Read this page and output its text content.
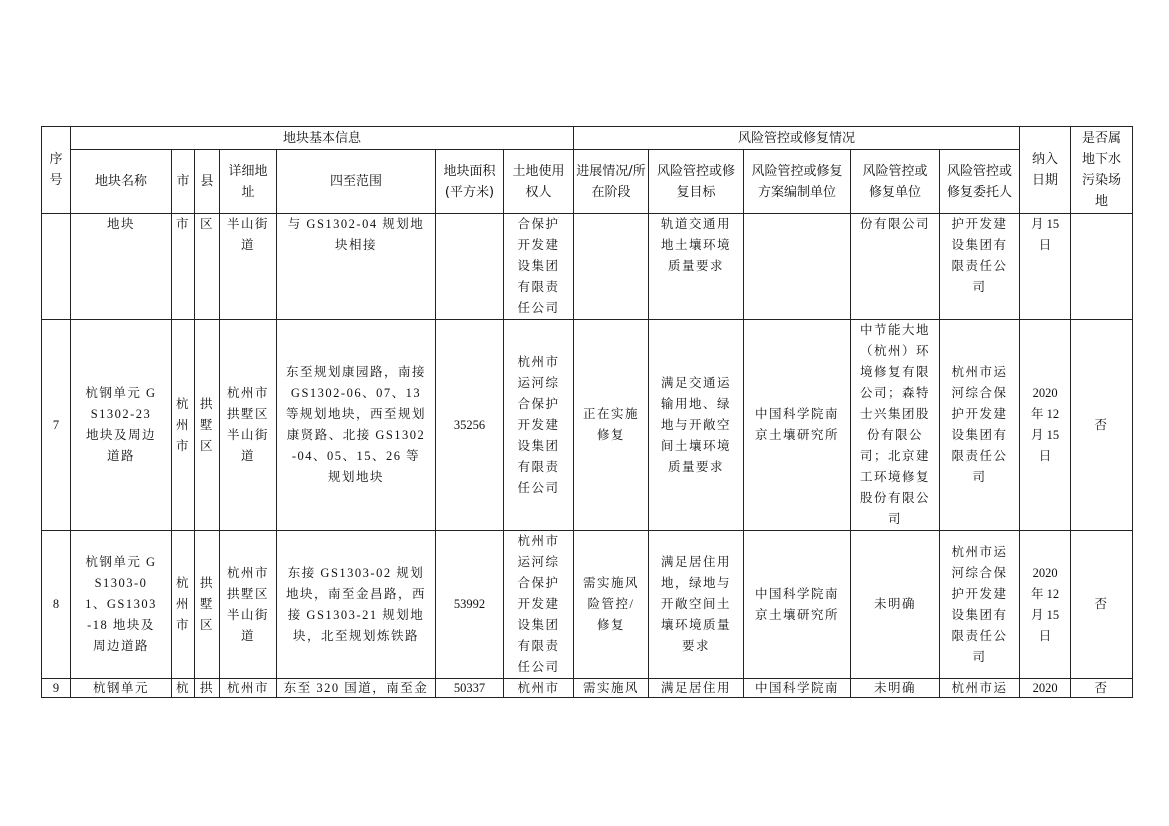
序号	地块基本信息							风险管控或修复情况					纳入日期	是否属地下水污染场地

	地块名称	市	县	详细地址	四至范围	地块面积(平方米)	土地使用权人	进展情况/所在阶段	风险管控或修复目标	风险管控或修复方案编制单位	风险管控或修复单位	风险管控或修复委托人		

	地块	市	区	半山街道	与 GS1302-04 规划地块相接		合保护开发建设集团有限责任公司		轨道交通用地土壤环境质量要求		份有限公司	护开发建设集团有限责任公司	月 15 日	

7	杭钢单元 GS1302-23 地块及周边道路	杭州市	拱墅区	杭州市拱墅区半山街道	东至规划康园路，南接 GS1302-06、07、13 等规划地块，西至规划康贤路、北接 GS1302-04、05、15、26 等规划地块	35256	杭州市运河综合保护开发建设集团有限责任公司	正在实施修复	满足交通运输用地、绿地与开敞空间土壤环境质量要求	中国科学院南京土壤研究所	中节能大地（杭州）环境修复有限公司；森特士兴集团股份有限公司；北京建工环境修复股份有限公司	杭州市运河综合保护开发建设集团有限责任公司	2020 年 12 月 15 日	否
8	杭钢单元 GS1303-01、GS1303-18 地块及周边道路	杭州市	拱墅区	杭州市拱墅区半山街道	东接 GS1303-02 规划地块，南至金昌路，西接 GS1303-21 规划地块，北至规划炼铁路	53992	杭州市运河综合保护开发建设集团有限责任公司	需实施风险管控/修复	满足居住用地，绿地与开敞空间土壤环境质量要求	中国科学院南京土壤研究所	未明确	杭州市运河综合保护开发建设集团有限责任公司	2020 年 12 月 15 日	否
9	杭钢单元	杭	拱	杭州市	东至 320 国道，南至金	50337	杭州市	需实施风	满足居住用	中国科学院南	未明确	杭州市运	2020	否
